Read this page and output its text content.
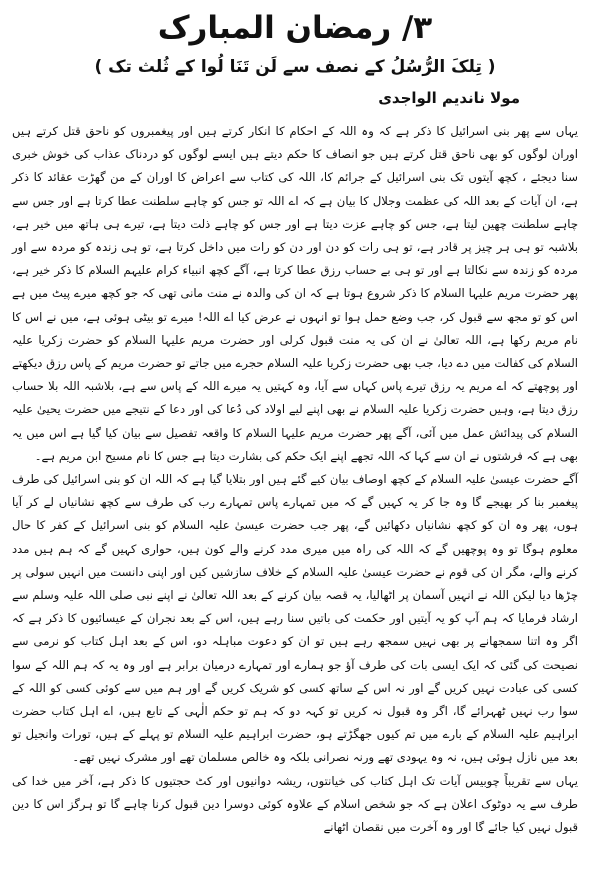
٣/ رمضان المبارک
( تِلکَ الرُّسُلُ کے نصف سے لَن تَنَا لُوا کے ثُلث تک )
مولا ناندیم الواجدی

یہاں سے پھر بنی اسرائیل کا ذکر ہے کہ وہ اللہ کے احکام کا انکار کرتے ہیں اور پیغمبروں کو ناحق قتل کرتے ہیں اوران لوگوں کو بھی ناحق قتل کرتے ہیں جو انصاف کا حکم دیتے ہیں ایسے لوگوں کو دردناک عذاب کی خوش خبری سنا دیجئے ، کچھ آیتوں تک بنی اسرائیل کے جرائم کا، اللہ کی کتاب سے اعراض کا اوران کے من گھڑت عقائد کا ذکر ہے، ان آیات کے بعد اللہ کی عظمت وجلال کا بیان ہے کہ اے اللہ تو جس کو چاہے سلطنت عطا کرتا ہے اور جس سے چاہے سلطنت چھین لیتا ہے، جس کو چاہے عزت دیتا ہے اور جس کو چاہے ذلت دیتا ہے، تیرے ہی ہاتھ میں خیر ہے، بلاشبہ تو ہی ہر چیز پر قادر ہے، تو ہی رات کو دن اور دن کو رات میں داخل کرتا ہے، تو ہی زندہ کو مردہ سے اور مردہ کو زندہ سے نکالتا ہے اور تو ہی بے حساب رزق عطا کرتا ہے، آگے کچھ انبیاء کرام علیہم السلام کا ذکر خیر ہے، پھر حضرت مریم علیہا السلام کا ذکر شروع ہوتا ہے کہ ان کی والدہ نے منت مانی تھی کہ جو کچھ میرے پیٹ میں ہے اس کو تو مجھ سے قبول کر، جب وضع حمل ہوا تو انہوں نے عرض کیا اے اللہ! میرے تو بیٹی ہوئی ہے، میں نے اس کا نام مریم رکھا ہے، اللہ تعالیٰ نے ان کی یہ منت قبول کرلی اور حضرت مریم علیہا السلام کو حضرت زکریا علیہ السلام کی کفالت میں دے دیا، جب بھی حضرت زکریا علیہ السلام حجرے میں جاتے تو حضرت مریم کے پاس رزق دیکھتے اور پوچھتے کہ اے مریم یہ رزق تیرے پاس کہاں سے آیا، وہ کہتیں یہ میرے اللہ کے پاس سے ہے، بلاشبہ اللہ بلا حساب رزق دیتا ہے، وہیں حضرت زکریا علیہ السلام نے بھی اپنے لیے اولاد کی دُعا کی اور دعا کے نتیجے میں حضرت یحییٰ علیہ السلام کی پیدائش عمل میں آئی، آگے پھر حضرت مریم علیہا السلام کا واقعہ تفصیل سے بیان کیا گیا ہے اس میں یہ بھی ہے کہ فرشتوں نے ان سے کہا کہ اللہ تجھے اپنے ایک حکم کی بشارت دیتا ہے جس کا نام مسیح ابن مریم ہے۔

آگے حضرت عیسیٰ علیہ السلام کے کچھ اوصاف بیان کیے گئے ہیں اور بتلایا گیا ہے کہ اللہ ان کو بنی اسرائیل کی طرف پیغمبر بنا کر بھیجے گا وہ جا کر یہ کہیں گے کہ میں تمہارے پاس تمہارے رب کی طرف سے کچھ نشانیاں لے کر آیا ہوں، پھر وہ ان کو کچھ نشانیاں دکھائیں گے، پھر جب حضرت عیسیٰ علیہ السلام کو بنی اسرائیل کے کفر کا حال معلوم ہوگا تو وہ پوچھیں گے کہ اللہ کی راہ میں میری مدد کرنے والے کون ہیں، حواری کہیں گے کہ ہم ہیں مدد کرنے والے، مگر ان کی قوم نے حضرت عیسیٰ علیہ السلام کے خلاف سازشیں کیں اور اپنی دانست میں انہیں سولی پر چڑھا دیا لیکن اللہ نے انہیں آسمان پر اٹھالیا، یہ قصہ بیان کرنے کے بعد اللہ تعالیٰ نے اپنے نبی صلی اللہ علیہ وسلم سے ارشاد فرمایا کہ ہم آپ کو یہ آیتیں اور حکمت کی باتیں سنا رہے ہیں، اس کے بعد نجران کے عیسائیوں کا ذکر ہے کہ اگر وہ اتنا سمجھانے پر بھی نہیں سمجھ رہے ہیں تو ان کو دعوت مباہلہ دو، اس کے بعد اہل کتاب کو نرمی سے نصیحت کی گئی کہ ایک ایسی بات کی طرف آؤ جو ہمارے اور تمہارے درمیان برابر ہے اور وہ یہ کہ ہم اللہ کے سوا کسی کی عبادت نہیں کریں گے اور نہ اس کے ساتھ کسی کو شریک کریں گے اور ہم میں سے کوئی کسی کو اللہ کے سوا رب نہیں ٹھہرائے گا، اگر وہ قبول نہ کریں تو کہہ دو کہ ہم تو حکم الٰہی کے تابع ہیں، اے اہل کتاب حضرت ابراہیم علیہ السلام کے بارے میں تم کیوں جھگڑتے ہو، حضرت ابراہیم علیہ السلام تو پہلے کے ہیں، تورات وانجیل تو بعد میں نازل ہوئی ہیں، نہ وہ یہودی تھے ورنہ نصرانی بلکہ وہ خالص مسلمان تھے اور مشرک نہیں تھے۔

یہاں سے تقریباً چوبیس آیات تک اہل کتاب کی خیانتوں، ریشہ دوانیوں اور کٹ حجتیوں کا ذکر ہے، آخر میں خدا کی طرف سے یہ دوٹوک اعلان ہے کہ جو شخص اسلام کے علاوہ کوئی دوسرا دین قبول کرنا چاہے گا تو ہرگز اس کا دین قبول نہیں کیا جائے گا اور وہ آخرت میں نقصان اٹھانے
